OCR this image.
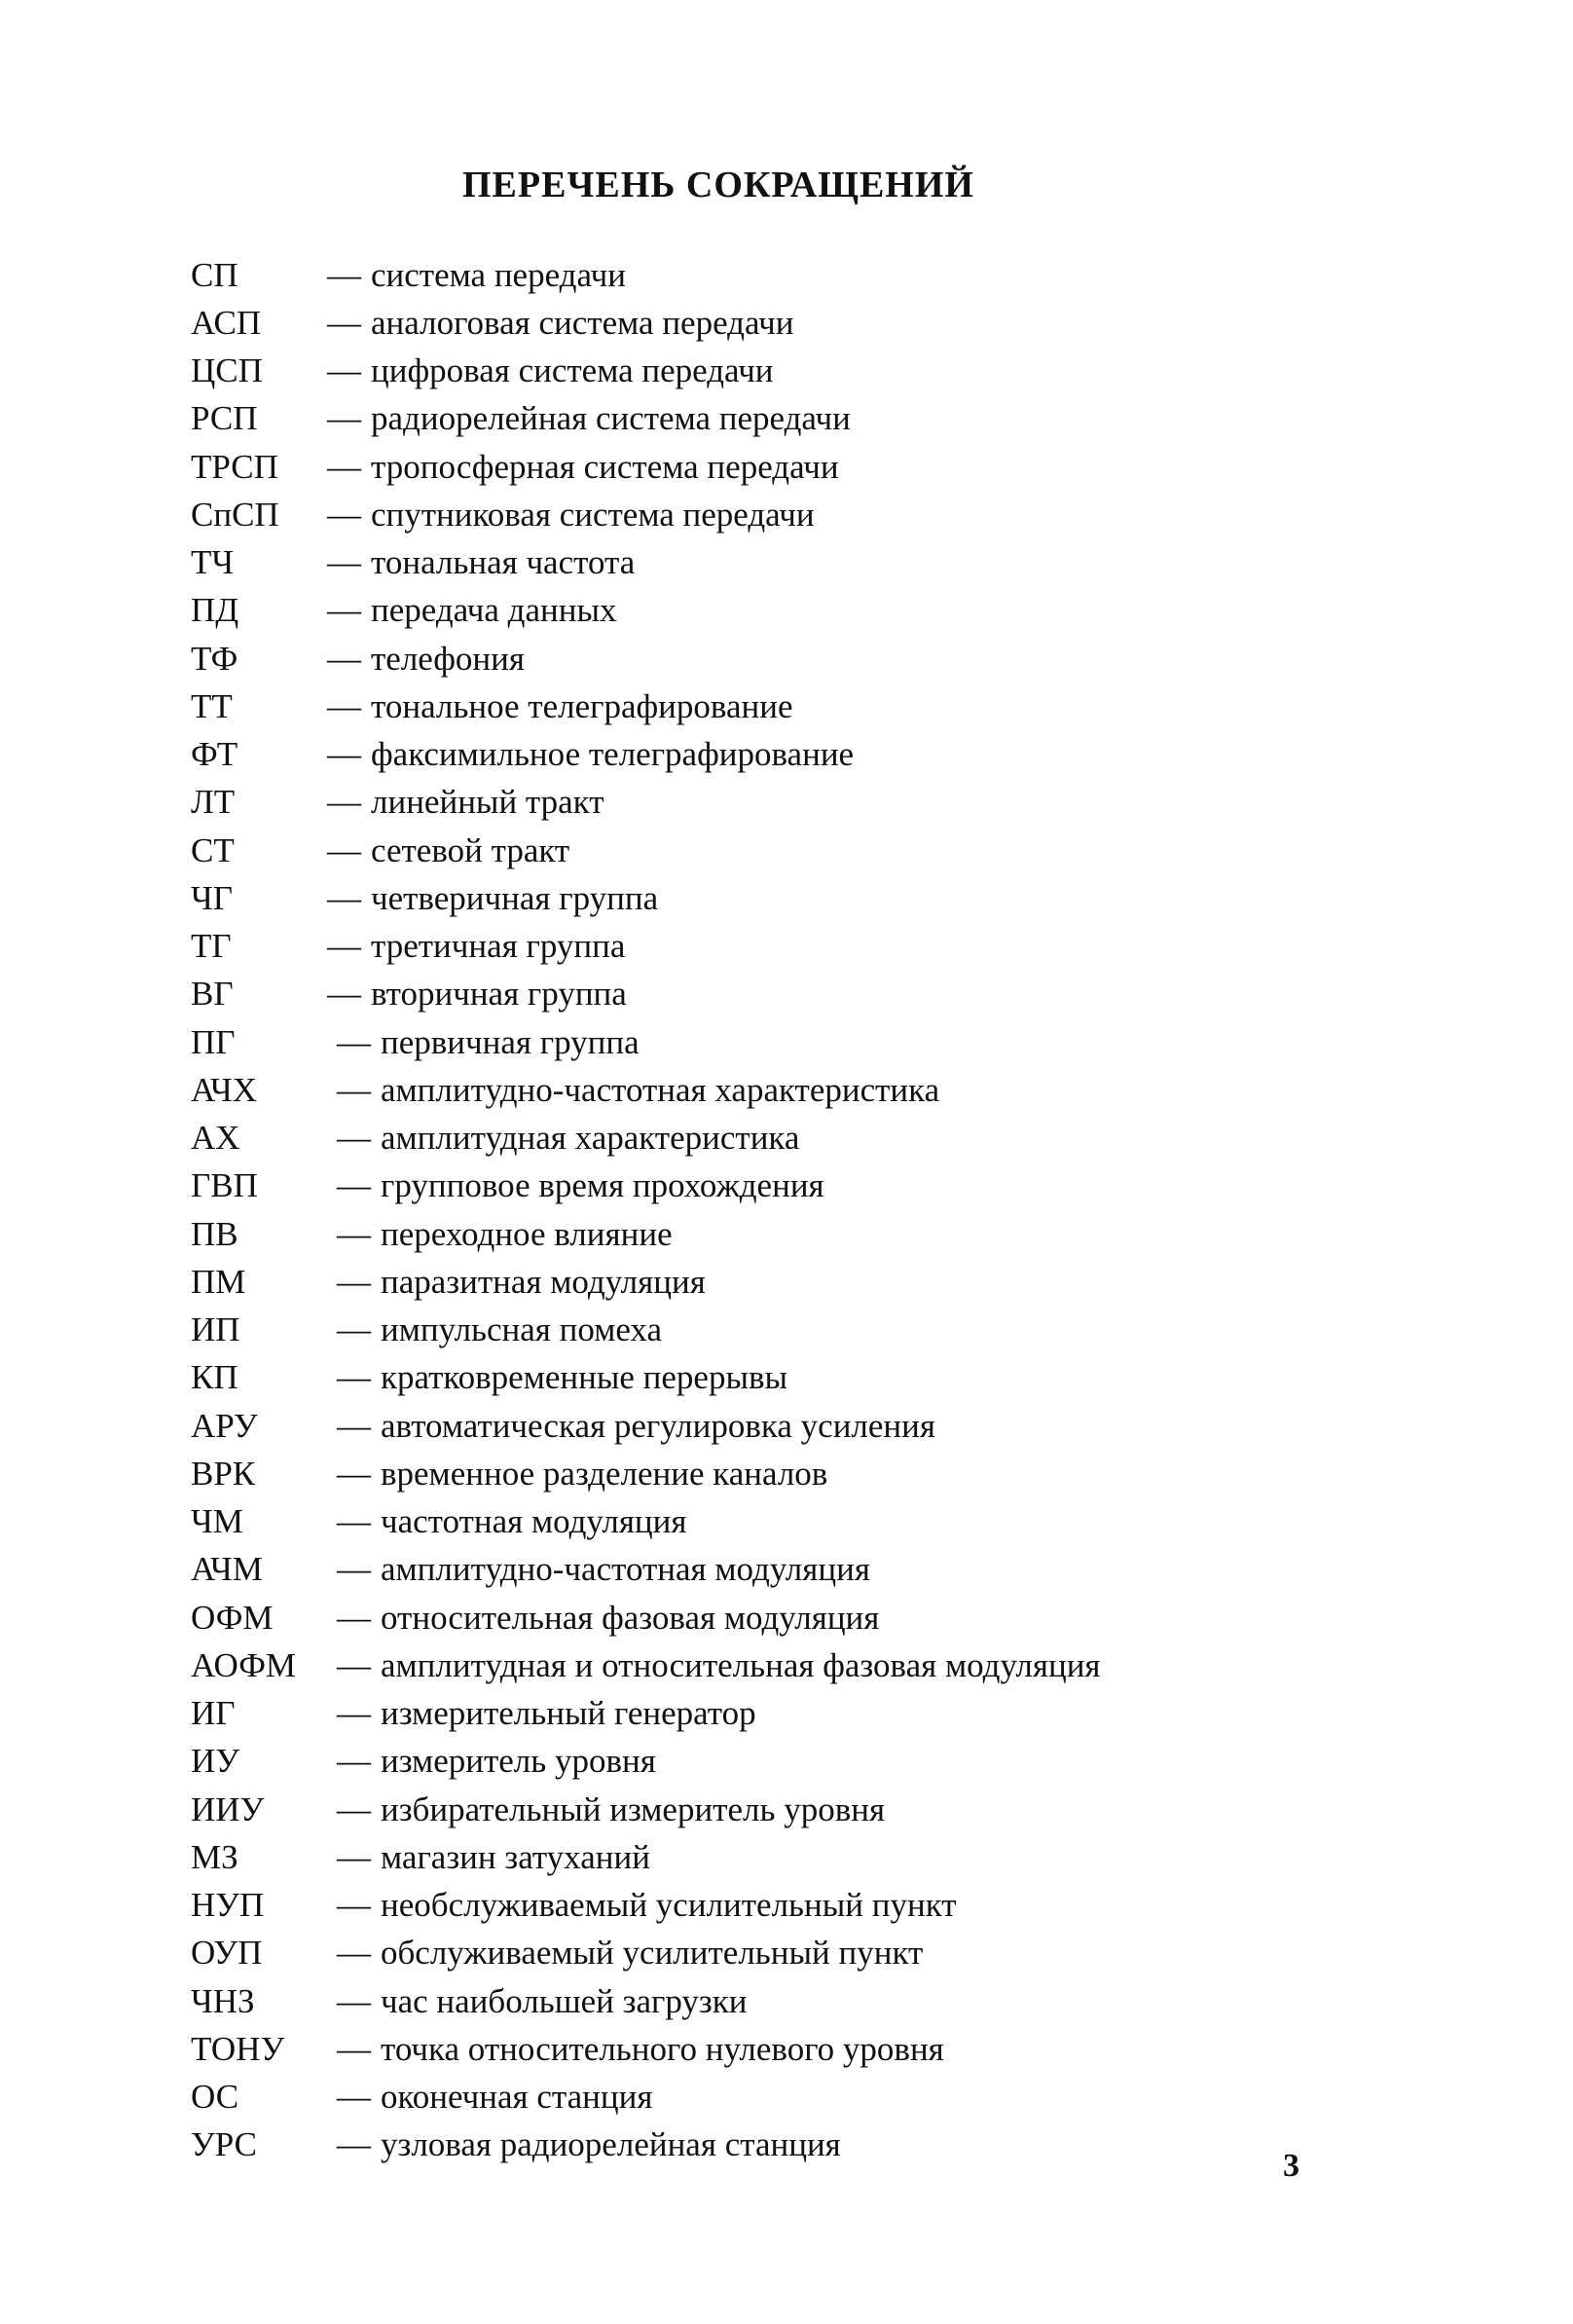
ПЕРЕЧЕНЬ СОКРАЩЕНИЙ
СП	— система передачи
АСП	— аналоговая система передачи
ЦСП	— цифровая система передачи
РСП	— радиорелейная система передачи
ТРСП	— тропосферная система передачи
СпСП	— спутниковая система передачи
ТЧ	— тональная частота
ПД	— передача данных
ТФ	— телефония
ТТ	— тональное телеграфирование
ФТ	— факсимильное телеграфирование
ЛТ	— линейный тракт
СТ	— сетевой тракт
ЧГ	— четверичная группа
ТГ	— третичная группа
ВГ	— вторичная группа
ПГ	— первичная группа
АЧХ	— амплитудно-частотная характеристика
АХ	— амплитудная характеристика
ГВП	— групповое время прохождения
ПВ	— переходное влияние
ПМ	— паразитная модуляция
ИП	— импульсная помеха
КП	— кратковременные перерывы
АРУ	— автоматическая регулировка усиления
ВРК	— временное разделение каналов
ЧМ	— частотная модуляция
АЧМ	— амплитудно-частотная модуляция
ОФМ	— относительная фазовая модуляция
АОФМ	— амплитудная и относительная фазовая модуляция
ИГ	— измерительный генератор
ИУ	— измеритель уровня
ИИУ	— избирательный измеритель уровня
МЗ	— магазин затуханий
НУП	— необслуживаемый усилительный пункт
ОУП	— обслуживаемый усилительный пункт
ЧНЗ	— час наибольшей загрузки
ТОНУ	— точка относительного нулевого уровня
ОС	— оконечная станция
УРС	— узловая радиорелейная станция
3
